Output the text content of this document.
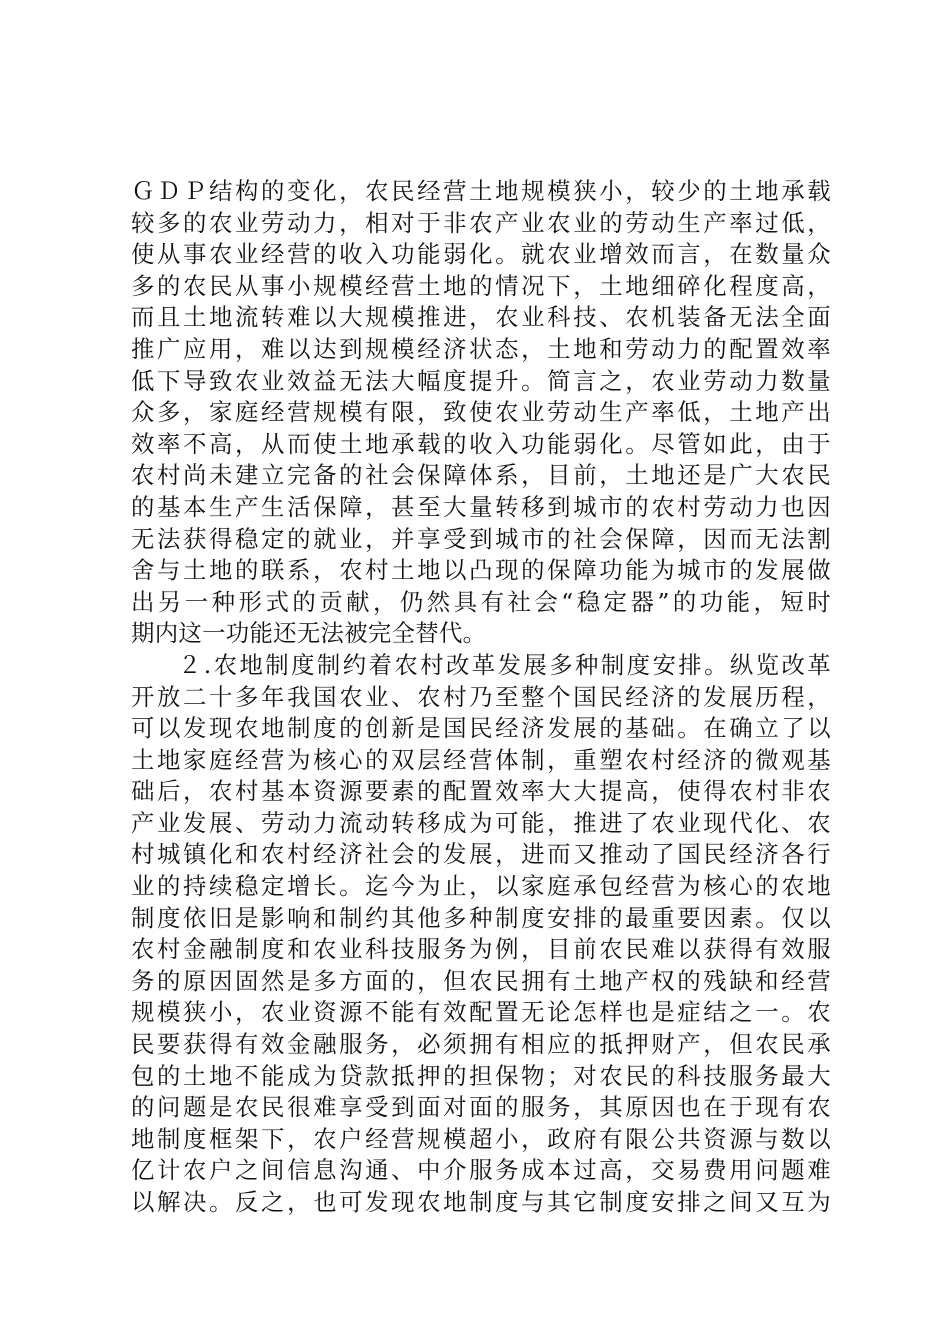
ＧＤＰ结构的变化，农民经营土地规模狭小，较少的土地承载
较多的农业劳动力，相对于非农产业农业的劳动生产率过低，
使从事农业经营的收入功能弱化。就农业增效而言，在数量众
多的农民从事小规模经营土地的情况下，土地细碎化程度高，
而且土地流转难以大规模推进，农业科技、农机装备无法全面
推广应用，难以达到规模经济状态，土地和劳动力的配置效率
低下导致农业效益无法大幅度提升。简言之，农业劳动力数量
众多，家庭经营规模有限，致使农业劳动生产率低，土地产出
效率不高，从而使土地承载的收入功能弱化。尽管如此，由于
农村尚未建立完备的社会保障体系，目前，土地还是广大农民
的基本生产生活保障，甚至大量转移到城市的农村劳动力也因
无法获得稳定的就业，并享受到城市的社会保障，因而无法割
舍与土地的联系，农村土地以凸现的保障功能为城市的发展做
出另一种形式的贡献，仍然具有社会“稳定器”的功能，短时
期内这一功能还无法被完全替代。
２.农地制度制约着农村改革发展多种制度安排。纵览改革
开放二十多年我国农业、农村乃至整个国民经济的发展历程，
可以发现农地制度的创新是国民经济发展的基础。在确立了以
土地家庭经营为核心的双层经营体制，重塑农村经济的微观基
础后，农村基本资源要素的配置效率大大提高，使得农村非农
产业发展、劳动力流动转移成为可能，推进了农业现代化、农
村城镇化和农村经济社会的发展，进而又推动了国民经济各行
业的持续稳定增长。迄今为止，以家庭承包经营为核心的农地
制度依旧是影响和制约其他多种制度安排的最重要因素。仅以
农村金融制度和农业科技服务为例，目前农民难以获得有效服
务的原因固然是多方面的，但农民拥有土地产权的残缺和经营
规模狭小，农业资源不能有效配置无论怎样也是症结之一。农
民要获得有效金融服务，必须拥有相应的抵押财产，但农民承
包的土地不能成为贷款抵押的担保物；对农民的科技服务最大
的问题是农民很难享受到面对面的服务，其原因也在于现有农
地制度框架下，农户经营规模超小，政府有限公共资源与数以
亿计农户之间信息沟通、中介服务成本过高，交易费用问题难
以解决。反之，也可发现农地制度与其它制度安排之间又互为
